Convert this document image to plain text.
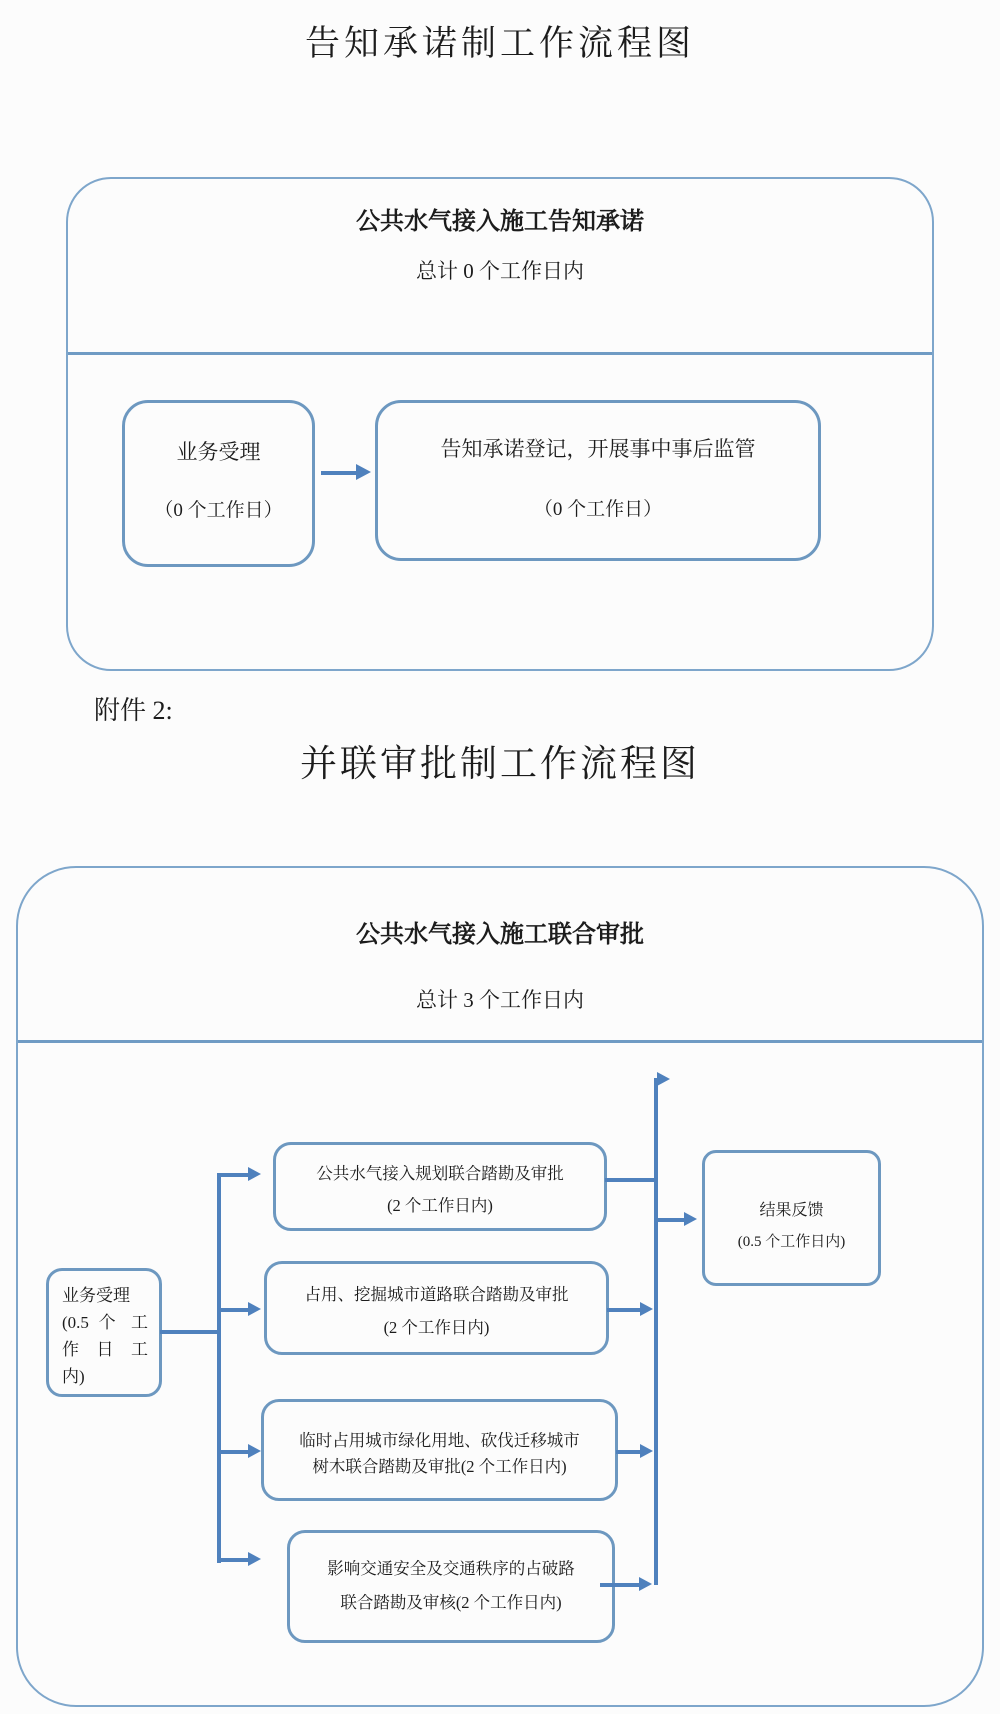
告知承诺制工作流程图
公共水气接入施工告知承诺
总计 0 个工作日内
业务受理
（0 个工作日）
告知承诺登记，开展事中事后监管
（0 个工作日）
附件 2:
并联审批制工作流程图
公共水气接入施工联合审批
总计 3 个工作日内
业务受理
(0.5 个 工
作 日 工
内)
公共水气接入规划联合踏勘及审批
(2 个工作日内)
占用、挖掘城市道路联合踏勘及审批
(2 个工作日内)
临时占用城市绿化用地、砍伐迁移城市
树木联合踏勘及审批(2 个工作日内)
影响交通安全及交通秩序的占破路
联合踏勘及审核(2 个工作日内)
结果反馈
(0.5 个工作日内)
